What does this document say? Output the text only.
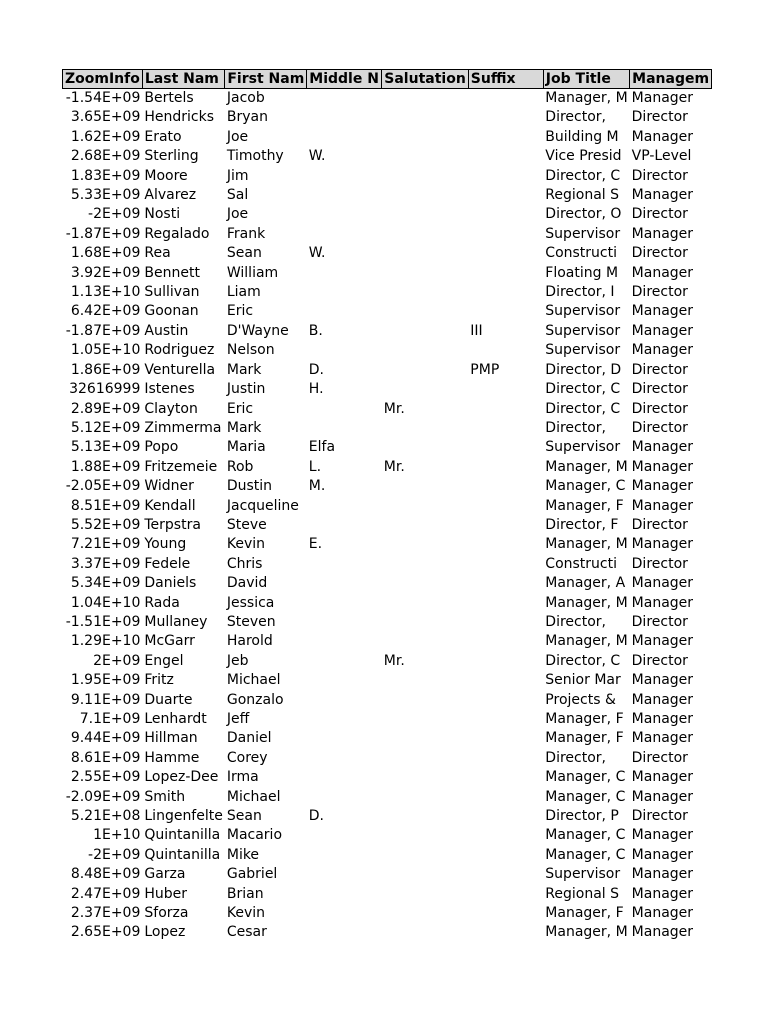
ZoomInfo	Last Nam	First Nam	Middle N	Salutation	Suffix	Job Title	Managem
-1.54E+09	Bertels	Jacob				Manager, M	Manager
3.65E+09	Hendricks	Bryan				Director,	Director
1.62E+09	Erato	Joe				Building M	Manager
2.68E+09	Sterling	Timothy	W.			Vice Presid	VP-Level
1.83E+09	Moore	Jim				Director, C	Director
5.33E+09	Alvarez	Sal				Regional S	Manager
-2E+09	Nosti	Joe				Director, O	Director
-1.87E+09	Regalado	Frank				Supervisor	Manager
1.68E+09	Rea	Sean	W.			Constructi	Director
3.92E+09	Bennett	William				Floating M	Manager
1.13E+10	Sullivan	Liam				Director, I	Director
6.42E+09	Goonan	Eric				Supervisor	Manager
-1.87E+09	Austin	D'Wayne	B.		III	Supervisor	Manager
1.05E+10	Rodriguez	Nelson				Supervisor	Manager
1.86E+09	Venturella	Mark	D.		PMP	Director, D	Director
32616999	Istenes	Justin	H.			Director, C	Director
2.89E+09	Clayton	Eric		Mr.		Director, C	Director
5.12E+09	Zimmerma	Mark				Director,	Director
5.13E+09	Popo	Maria	Elfa			Supervisor	Manager
1.88E+09	Fritzemeie	Rob	L.	Mr.		Manager, M	Manager
-2.05E+09	Widner	Dustin	M.			Manager, C	Manager
8.51E+09	Kendall	Jacqueline				Manager, F	Manager
5.52E+09	Terpstra	Steve				Director, F	Director
7.21E+09	Young	Kevin	E.			Manager, M	Manager
3.37E+09	Fedele	Chris				Constructi	Director
5.34E+09	Daniels	David				Manager, A	Manager
1.04E+10	Rada	Jessica				Manager, M	Manager
-1.51E+09	Mullaney	Steven				Director,	Director
1.29E+10	McGarr	Harold				Manager, M	Manager
2E+09	Engel	Jeb		Mr.		Director, C	Director
1.95E+09	Fritz	Michael				Senior Mar	Manager
9.11E+09	Duarte	Gonzalo				Projects &	Manager
7.1E+09	Lenhardt	Jeff				Manager, F	Manager
9.44E+09	Hillman	Daniel				Manager, F	Manager
8.61E+09	Hamme	Corey				Director,	Director
2.55E+09	Lopez-Dee	Irma				Manager, C	Manager
-2.09E+09	Smith	Michael				Manager, C	Manager
5.21E+08	Lingenfelte	Sean	D.			Director, P	Director
1E+10	Quintanilla	Macario				Manager, C	Manager
-2E+09	Quintanilla	Mike				Manager, C	Manager
8.48E+09	Garza	Gabriel				Supervisor	Manager
2.47E+09	Huber	Brian				Regional S	Manager
2.37E+09	Sforza	Kevin				Manager, F	Manager
2.65E+09	Lopez	Cesar				Manager, M	Manager
